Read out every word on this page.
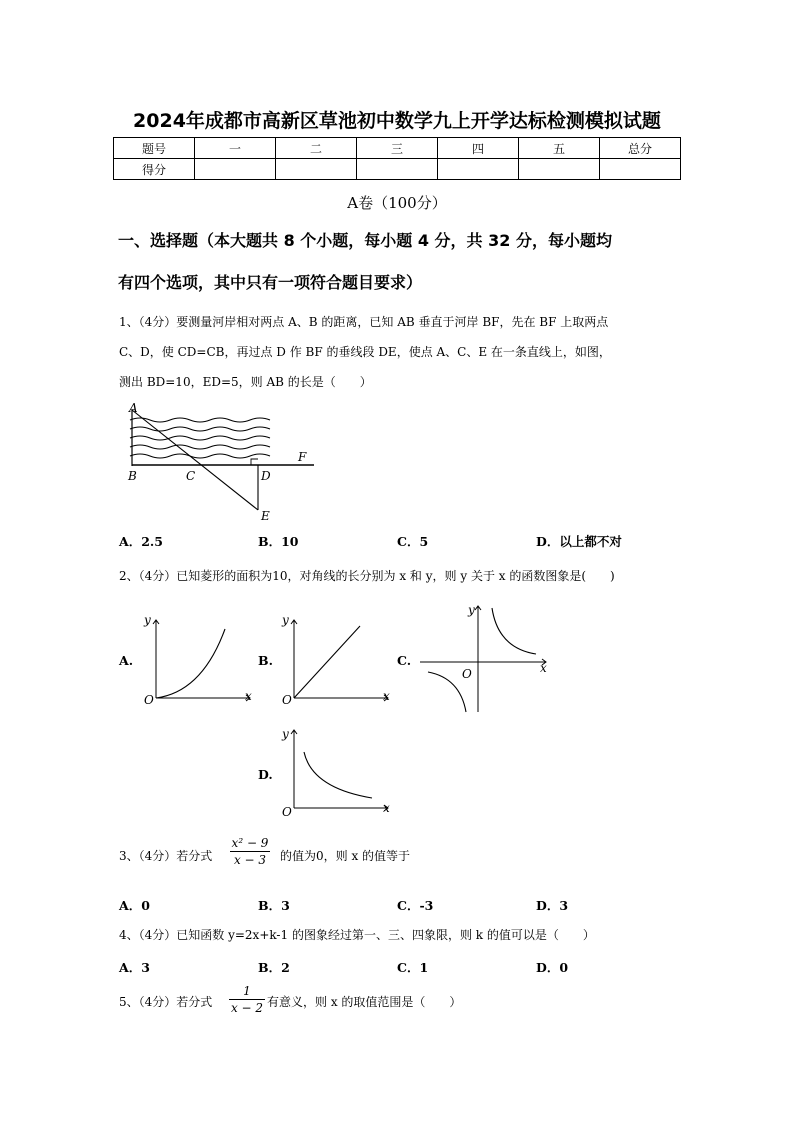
2024年成都市高新区草池初中数学九上开学达标检测模拟试题
题号	一	二	三	四	五	总分
得分						
A卷（100分）
一、选择题（本大题共 8 个小题，每小题 4 分，共 32 分，每小题均
有四个选项，其中只有一项符合题目要求）
1、（4分）要测量河岸相对两点 A、B 的距离，已知 AB 垂直于河岸 BF，先在 BF 上取两点
C、D，使 CD=CB，再过点 D 作 BF 的垂线段 DE，使点 A、C、E 在一条直线上，如图，
测出 BD=10，ED=5，则 AB 的长是（　　）
A
B	C	D
E
F
A．2.5	B．10	C．5	D．以上都不对
2、（4分）已知菱形的面积为10，对角线的长分别为 x 和 y，则 y 关于 x 的函数图象是(　　)
A.
y
x
O
B.
y
x
O
C.
y
x
O
D.
y
x
O
3、（4分）若分式
x² − 9
x − 3	的值为0，则 x 的值等于
A．0	B．3	C．-3	D．3
4、（4分）已知函数 y=2x+k-1 的图象经过第一、三、四象限，则 k 的值可以是（　　）
A．3	B．2	C．1	D．0
5、（4分）若分式
1
x − 2 有意义，则 x 的取值范围是（　　）
